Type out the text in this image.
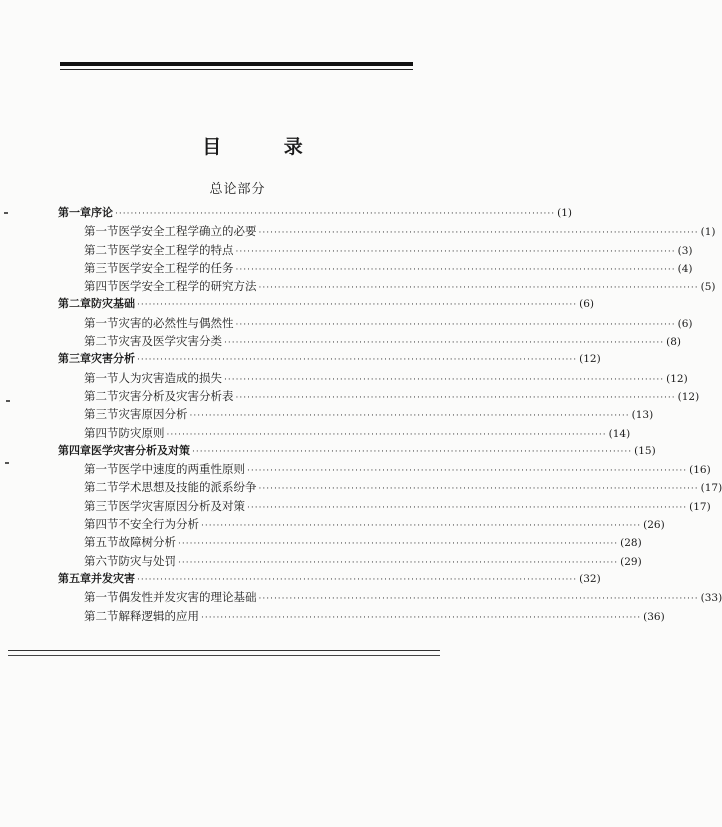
目 录
总论部分
第一章 序论 ·················································································································· (1)
第一节 医学安全工程学确立的必要 ·················································································································· (1)
第二节 医学安全工程学的特点 ·················································································································· (3)
第三节 医学安全工程学的任务 ·················································································································· (4)
第四节 医学安全工程学的研究方法 ·················································································································· (5)
第二章 防灾基础 ·················································································································· (6)
第一节 灾害的必然性与偶然性 ·················································································································· (6)
第二节 灾害及医学灾害分类 ·················································································································· (8)
第三章 灾害分析 ·················································································································· (12)
第一节 人为灾害造成的损失 ·················································································································· (12)
第二节 灾害分析及灾害分析表 ·················································································································· (12)
第三节 灾害原因分析 ·················································································································· (13)
第四节 防灾原则 ·················································································································· (14)
第四章 医学灾害分析及对策 ·················································································································· (15)
第一节 医学中速度的两重性原则 ·················································································································· (16)
第二节 学术思想及技能的派系纷争 ·················································································································· (17)
第三节 医学灾害原因分析及对策 ·················································································································· (17)
第四节 不安全行为分析 ·················································································································· (26)
第五节 故障树分析 ·················································································································· (28)
第六节 防灾与处罚 ·················································································································· (29)
第五章 并发灾害 ·················································································································· (32)
第一节 偶发性并发灾害的理论基础 ·················································································································· (33)
第二节 解释逻辑的应用 ·················································································································· (36)
